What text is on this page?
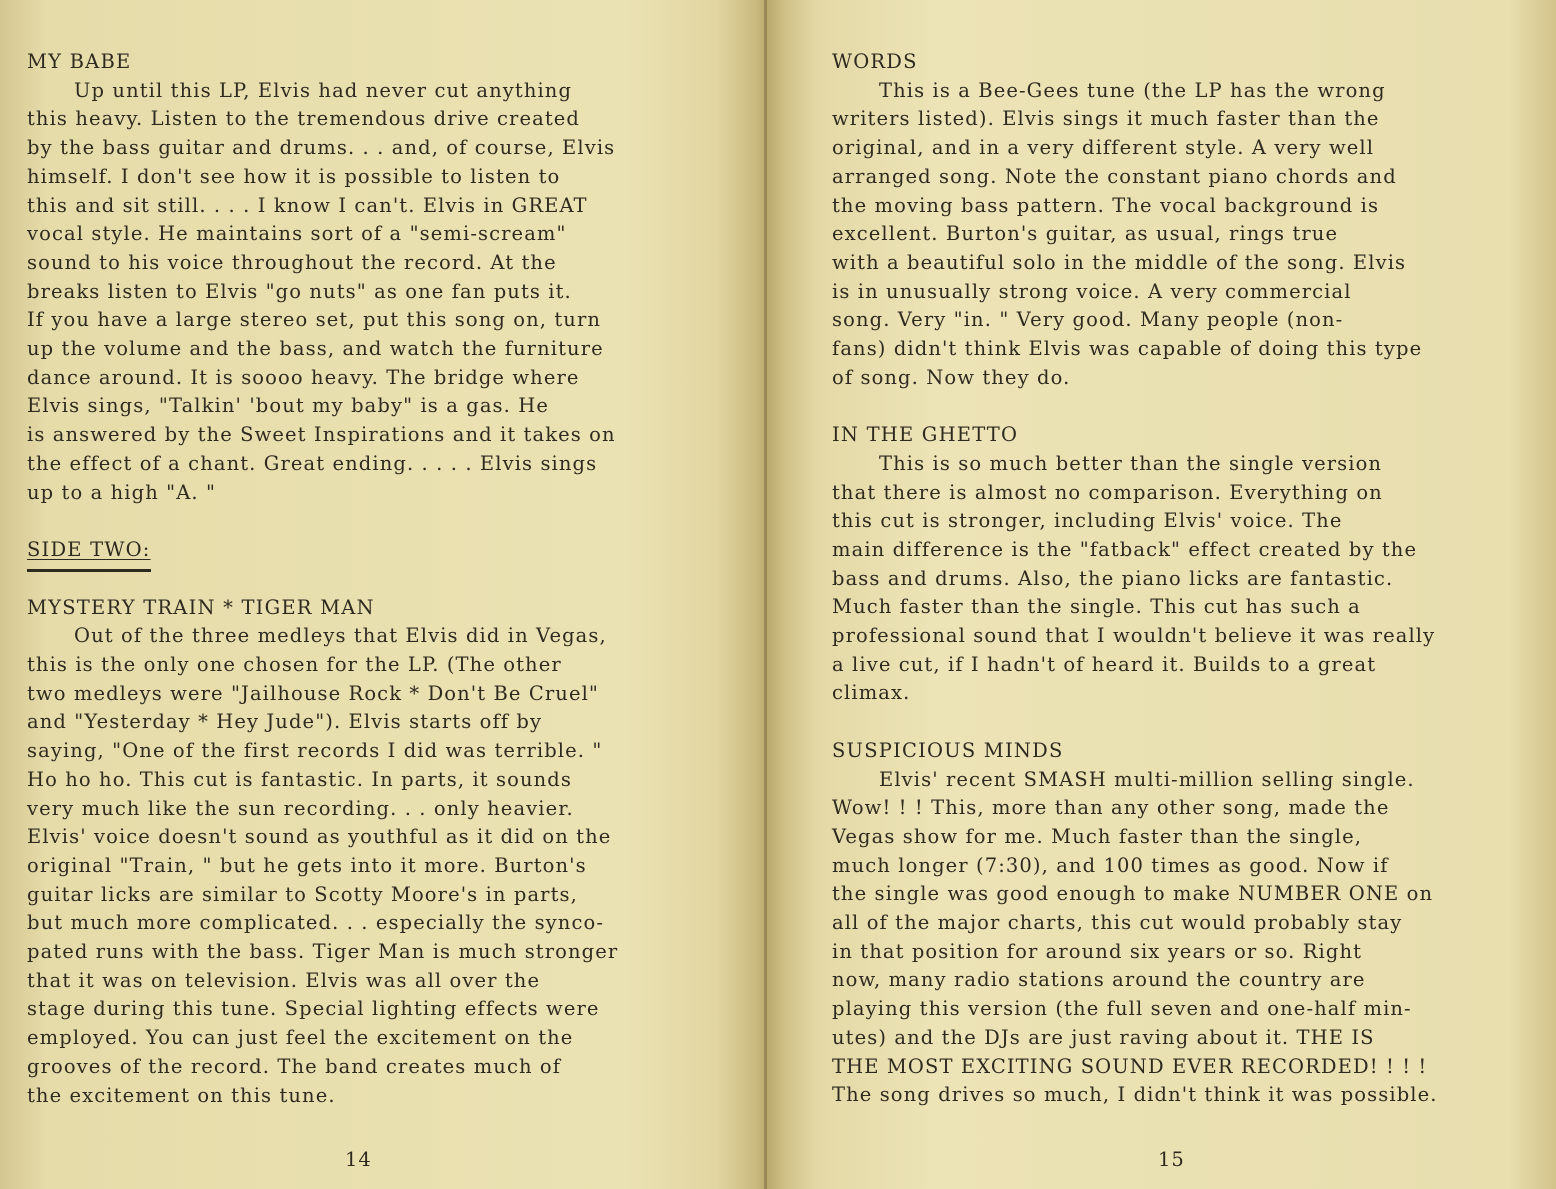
MY BABE

Up until this LP, Elvis had never cut anything

this heavy. Listen to the tremendous drive created

by the bass guitar and drums. . . and, of course, Elvis

himself. I don't see how it is possible to listen to

this and sit still. . . . I know I can't. Elvis in GREAT

vocal style. He maintains sort of a "semi-scream"

sound to his voice throughout the record. At the

breaks listen to Elvis "go nuts" as one fan puts it.

If you have a large stereo set, put this song on, turn

up the volume and the bass, and watch the furniture

dance around. It is soooo heavy. The bridge where

Elvis sings, "Talkin' 'bout my baby" is a gas. He

is answered by the Sweet Inspirations and it takes on

the effect of a chant. Great ending. . . . . Elvis sings

up to a high "A. "

SIDE TWO:

MYSTERY TRAIN * TIGER MAN

Out of the three medleys that Elvis did in Vegas,

this is the only one chosen for the LP. (The other

two medleys were "Jailhouse Rock * Don't Be Cruel"

and "Yesterday * Hey Jude"). Elvis starts off by

saying, "One of the first records I did was terrible. "

Ho ho ho. This cut is fantastic. In parts, it sounds

very much like the sun recording. . . only heavier.

Elvis' voice doesn't sound as youthful as it did on the

original "Train, " but he gets into it more. Burton's

guitar licks are similar to Scotty Moore's in parts,

but much more complicated. . . especially the synco-

pated runs with the bass. Tiger Man is much stronger

that it was on television. Elvis was all over the

stage during this tune. Special lighting effects were

employed. You can just feel the excitement on the

grooves of the record. The band creates much of

the excitement on this tune.

14

WORDS

This is a Bee-Gees tune (the LP has the wrong

writers listed). Elvis sings it much faster than the

original, and in a very different style. A very well

arranged song. Note the constant piano chords and

the moving bass pattern. The vocal background is

excellent. Burton's guitar, as usual, rings true

with a beautiful solo in the middle of the song. Elvis

is in unusually strong voice. A very commercial

song. Very "in. " Very good. Many people (non-

fans) didn't think Elvis was capable of doing this type

of song. Now they do.

IN THE GHETTO

This is so much better than the single version

that there is almost no comparison. Everything on

this cut is stronger, including Elvis' voice. The

main difference is the "fatback" effect created by the

bass and drums. Also, the piano licks are fantastic.

Much faster than the single. This cut has such a

professional sound that I wouldn't believe it was really

a live cut, if I hadn't of heard it. Builds to a great

climax.

SUSPICIOUS MINDS

Elvis' recent SMASH multi-million selling single.

Wow! ! ! This, more than any other song, made the

Vegas show for me. Much faster than the single,

much longer (7:30), and 100 times as good. Now if

the single was good enough to make NUMBER ONE on

all of the major charts, this cut would probably stay

in that position for around six years or so. Right

now, many radio stations around the country are

playing this version (the full seven and one-half min-

utes) and the DJs are just raving about it. THE IS

THE MOST EXCITING SOUND EVER RECORDED! ! ! !

The song drives so much, I didn't think it was possible.

15
